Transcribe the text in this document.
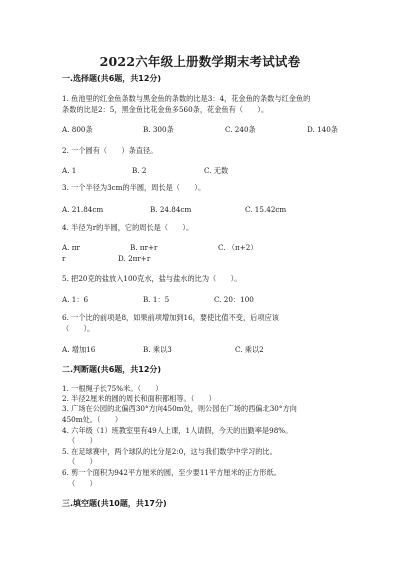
2022六年级上册数学期末考试试卷
一.选择题(共6题，共12分)
1. 鱼池里的红金鱼条数与黑金鱼的条数的比是3：4，花金鱼的条数与红金鱼的
条数的比是2：5，黑金鱼比花金鱼多560条，花金鱼有（　　）。
A. 800条	B. 300条	C. 240条	D. 140条
2. 一个圆有（　　）条直径。
A. 1	B. 2	C. 无数
3. 一个半径为3cm的半圆，周长是（　　）。
A. 21.84cm	B. 24.84cm	C. 15.42cm
4. 半径为r的半圆，它的周长是（　　）。
A. πr	B. πr+r	C. （π+2）
r	D. 2πr+r
5. 把20克的盐放入100克水，盐与盐水的比为（　　）。
A. 1：6	B. 1：5	C. 20：100
6. 一个比的前项是8，如果前项增加到16，要使比值不变，后项应该
（　　）。
A. 增加16	B. 乘以3	C. 乘以2
二.判断题(共6题，共12分)
1. 一根绳子长75%米。（　　）
2. 半径2厘米的圆的周长和面积都相等。（　　）
3. 广场在公园的北偏西30°方向450m处，则公园在广场的西偏北30°方向
450m处。（　　）
4. 六年级（1）班教室里有49人上课，1人请假，今天的出勤率是98%。
（　　）
5. 在足球赛中，两个球队的比分是2:0，这与我们数学中学习的比。
（　　）
6. 剪一个面积为942平方厘米的圆，至少要11平方厘米的正方形纸。
（　　）
三.填空题(共10题，共17分)
